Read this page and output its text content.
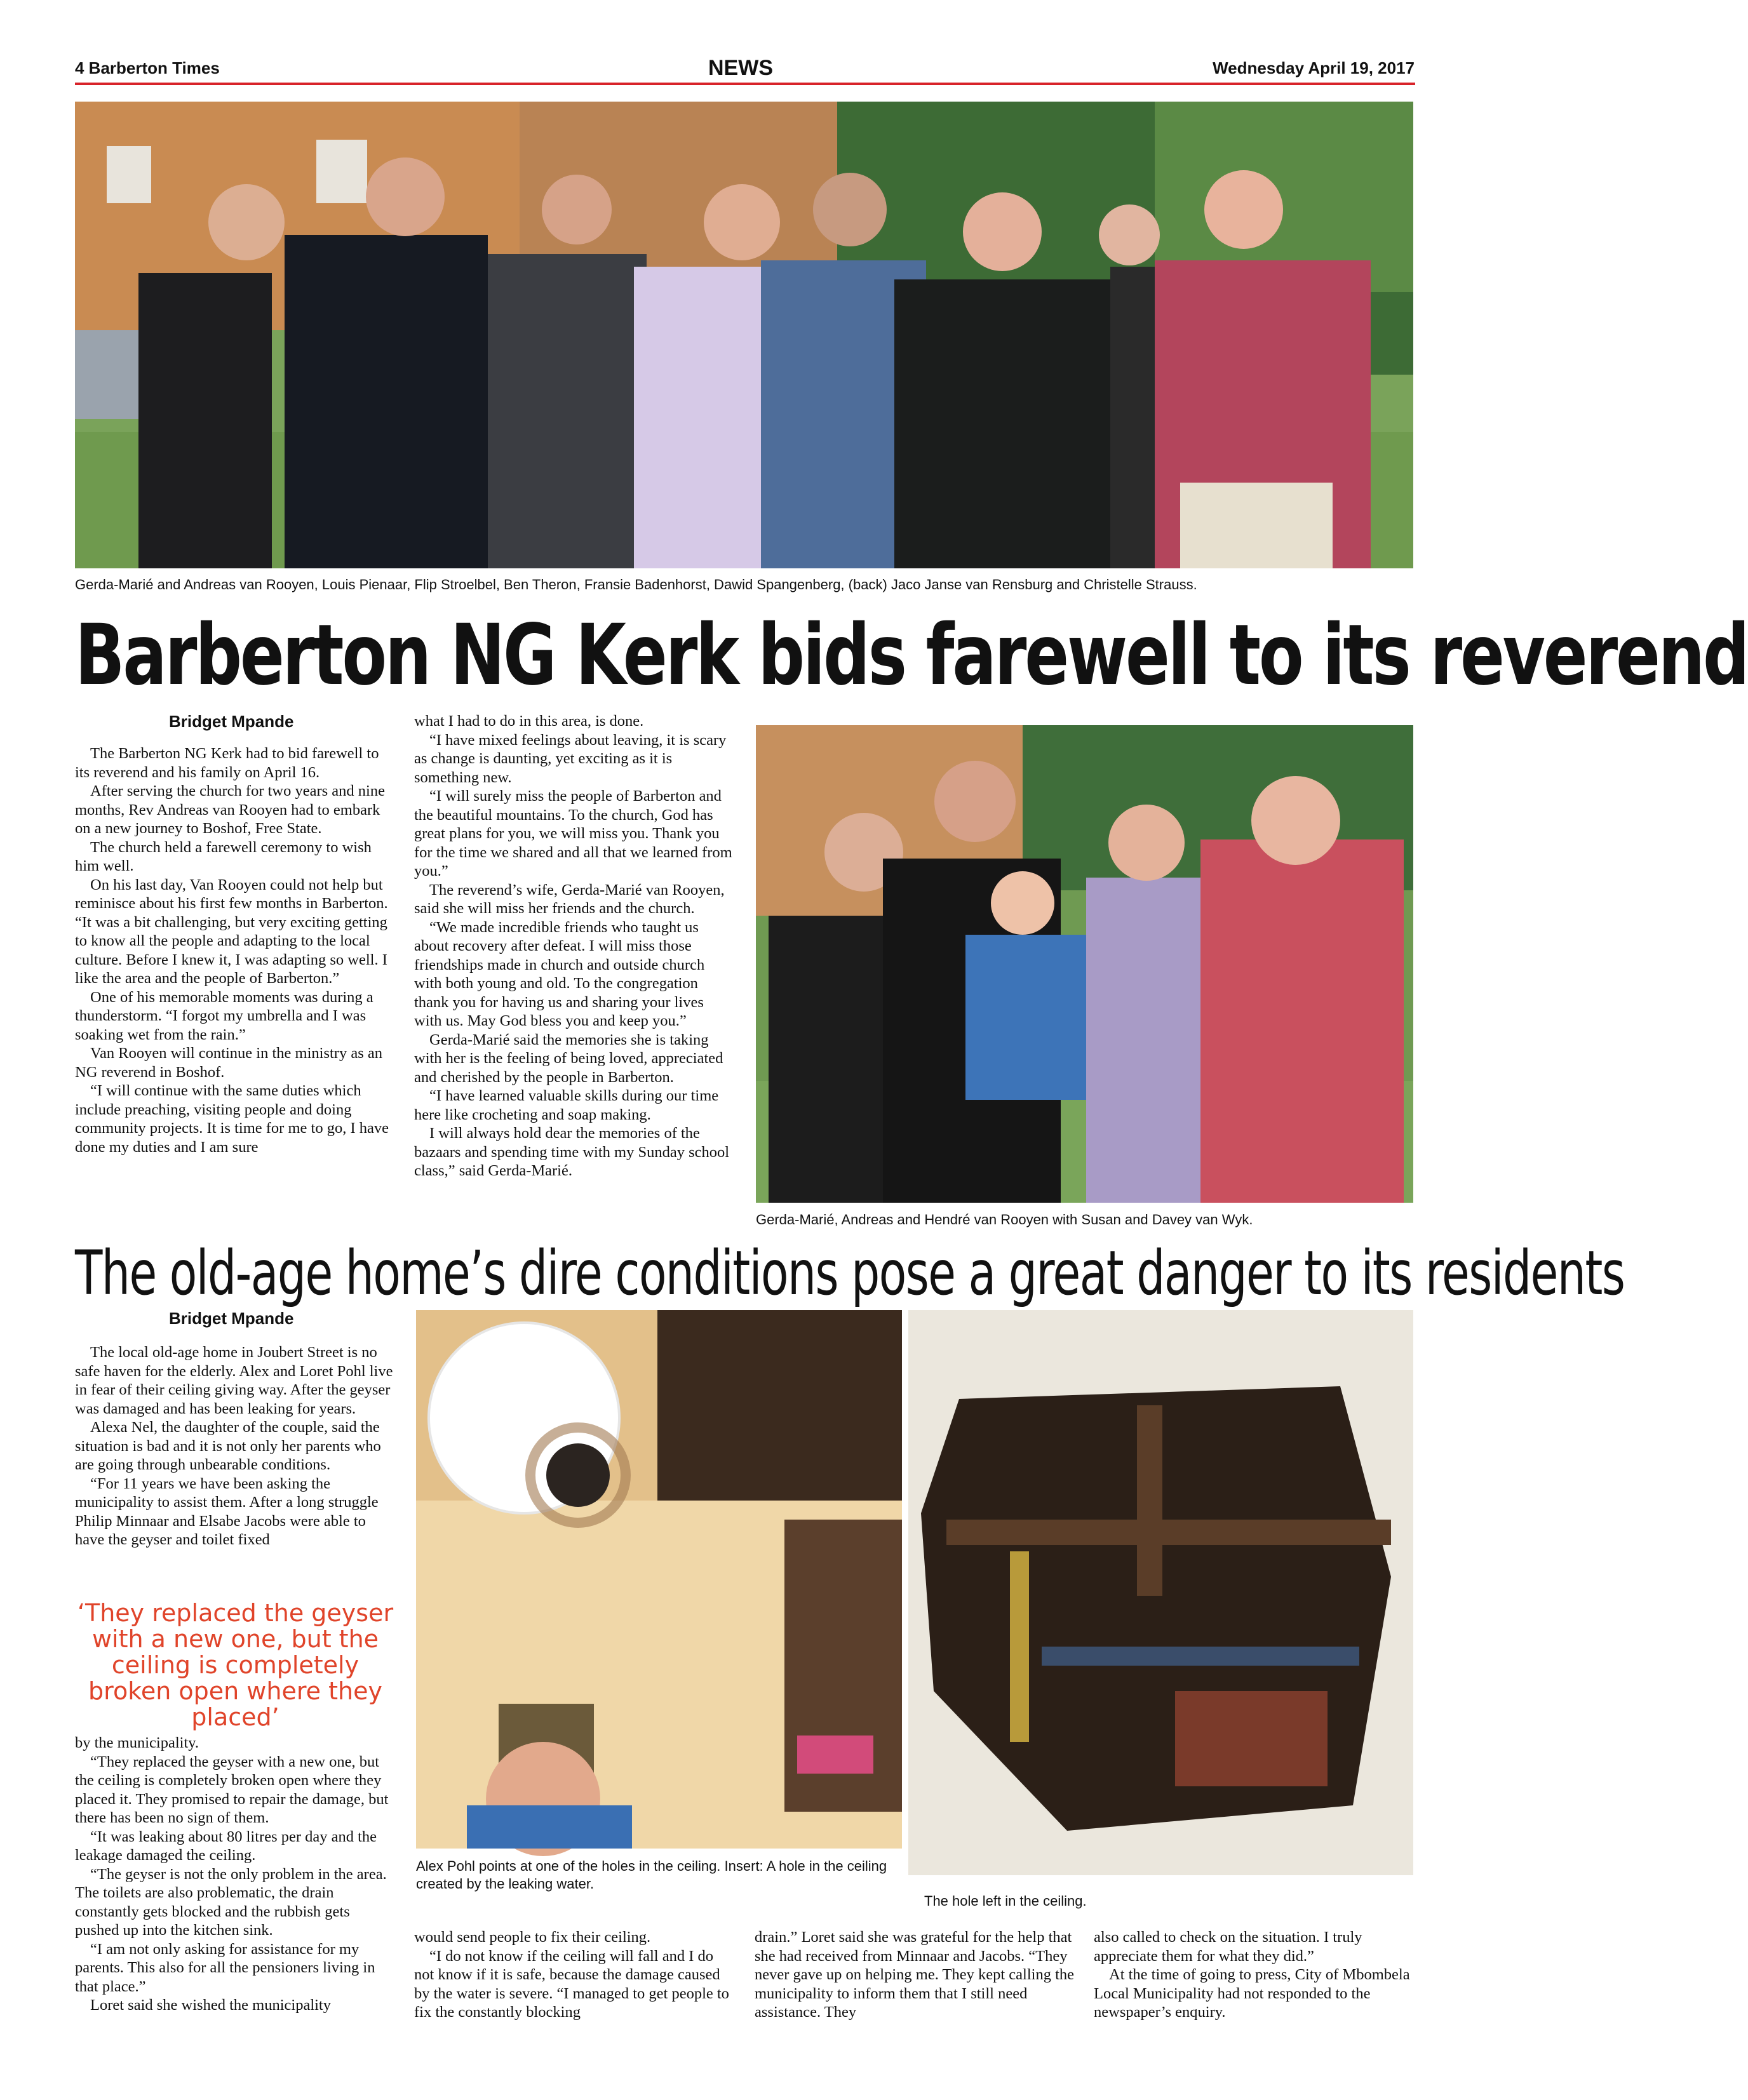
4 Barberton Times	NEWS	Wednesday April 19, 2017
Gerda-Marié and Andreas van Rooyen, Louis Pienaar, Flip Stroelbel, Ben Theron, Fransie Badenhorst, Dawid Spangenberg, (back) Jaco Janse van Rensburg and Christelle Strauss.
Barberton NG Kerk bids farewell to its reverend
Bridget Mpande

The Barberton NG Kerk had to bid farewell to its reverend and his family on April 16.

After serving the church for two years and nine months, Rev Andreas van Rooyen had to embark on a new journey to Boshof, Free State.

The church held a farewell ceremony to wish him well.

On his last day, Van Rooyen could not help but reminisce about his first few months in Barberton. “It was a bit challenging, but very exciting getting to know all the people and adapting to the local culture. Before I knew it, I was adapting so well. I like the area and the people of Barberton.”

One of his memorable moments was during a thunderstorm. “I forgot my umbrella and I was soaking wet from the rain.”

Van Rooyen will continue in the ministry as an NG reverend in Boshof.

“I will continue with the same duties which include preaching, visiting people and doing community projects. It is time for me to go, I have done my duties and I am sure

what I had to do in this area, is done.

“I have mixed feelings about leaving, it is scary as change is daunting, yet exciting as it is something new.

“I will surely miss the people of Barberton and the beautiful mountains. To the church, God has great plans for you, we will miss you. Thank you for the time we shared and all that we learned from you.”

The reverend’s wife, Gerda-Marié van Rooyen, said she will miss her friends and the church.

“We made incredible friends who taught us about recovery after defeat. I will miss those friendships made in church and outside church with both young and old. To the congregation thank you for having us and sharing your lives with us. May God bless you and keep you.”

Gerda-Marié said the memories she is taking with her is the feeling of being loved, appreciated and cherished by the people in Barberton.

“I have learned valuable skills during our time here like crocheting and soap making.

I will always hold dear the memories of the bazaars and spending time with my Sunday school class,” said Gerda-Marié.

Gerda-Marié, Andreas and Hendré van Rooyen with Susan and Davey van Wyk.
The old-age home’s dire conditions pose a great danger to its residents
Bridget Mpande

The local old-age home in Joubert Street is no safe haven for the elderly. Alex and Loret Pohl live in fear of their ceiling giving way. After the geyser was damaged and has been leaking for years.

Alexa Nel, the daughter of the couple, said the situation is bad and it is not only her parents who are going through unbearable conditions.

“For 11 years we have been asking the municipality to assist them. After a long struggle Philip Minnaar and Elsabe Jacobs were able to have the geyser and toilet fixed

‘They replaced the geyser with a new one, but the ceiling is completely broken open where they placed’

by the municipality.

“They replaced the geyser with a new one, but the ceiling is completely broken open where they placed it. They promised to repair the damage, but there has been no sign of them.

“It was leaking about 80 litres per day and the leakage damaged the ceiling.

“The geyser is not the only problem in the area. The toilets are also problematic, the drain constantly gets blocked and the rubbish gets pushed up into the kitchen sink.

“I am not only asking for assistance for my parents. This also for all the pensioners living in that place.”

Loret said she wished the municipality

Alex Pohl points at one of the holes in the ceiling. Insert: A hole in the ceiling created by the leaking water.
The hole left in the ceiling.

would send people to fix their ceiling.

“I do not know if the ceiling will fall and I do not know if it is safe, because the damage caused by the water is severe. “I managed to get people to fix the constantly blocking

drain.” Loret said she was grateful for the help that she had received from Minnaar and Jacobs. “They never gave up on helping me. They kept calling the municipality to inform them that I still need assistance. They

also called to check on the situation. I truly appreciate them for what they did.”

At the time of going to press, City of Mbombela Local Municipality had not responded to the newspaper’s enquiry.
